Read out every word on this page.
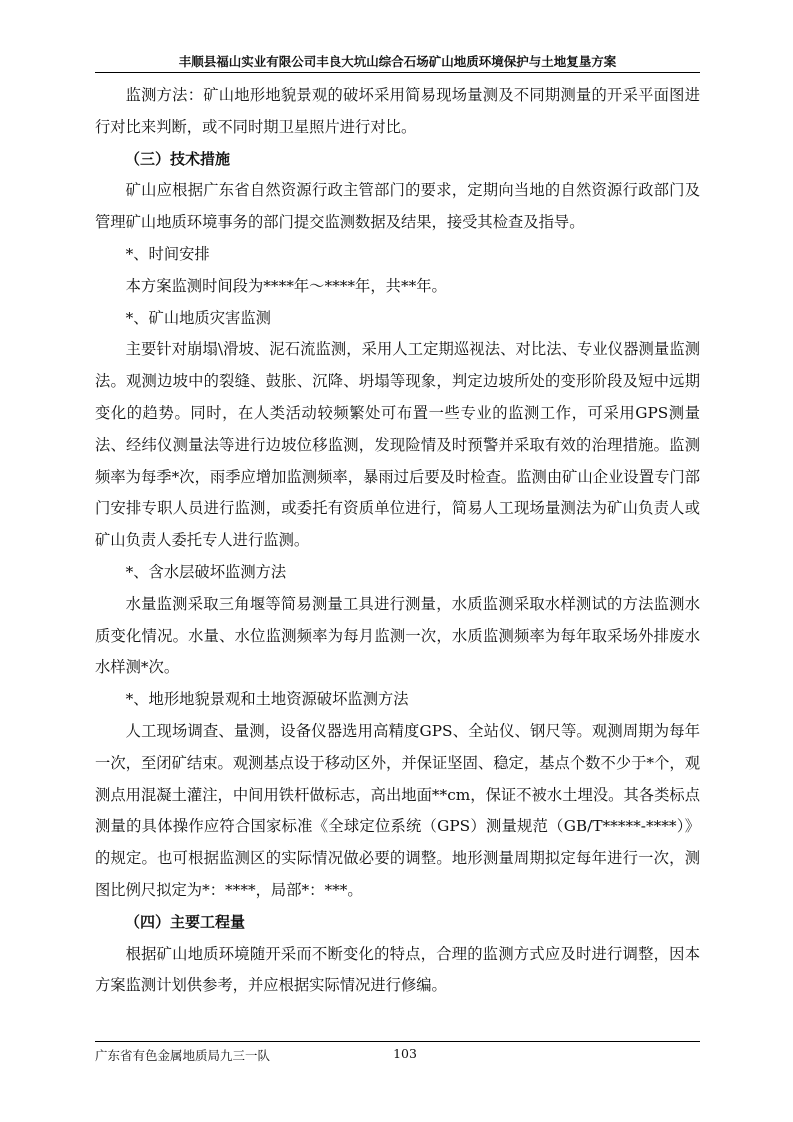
丰顺县福山实业有限公司丰良大坑山综合石场矿山地质环境保护与土地复垦方案

监测方法：矿山地形地貌景观的破坏采用简易现场量测及不同期测量的开采平面图进行对比来判断，或不同时期卫星照片进行对比。

（三）技术措施

矿山应根据广东省自然资源行政主管部门的要求，定期向当地的自然资源行政部门及管理矿山地质环境事务的部门提交监测数据及结果，接受其检查及指导。

*、时间安排

本方案监测时间段为****年～****年，共**年。

*、矿山地质灾害监测

主要针对崩塌\滑坡、泥石流监测，采用人工定期巡视法、对比法、专业仪器测量监测法。观测边坡中的裂缝、鼓胀、沉降、坍塌等现象，判定边坡所处的变形阶段及短中远期变化的趋势。同时，在人类活动较频繁处可布置一些专业的监测工作，可采用GPS测量法、经纬仪测量法等进行边坡位移监测，发现险情及时预警并采取有效的治理措施。监测频率为每季*次，雨季应增加监测频率，暴雨过后要及时检查。监测由矿山企业设置专门部门安排专职人员进行监测，或委托有资质单位进行，简易人工现场量测法为矿山负责人或矿山负责人委托专人进行监测。

*、含水层破坏监测方法

水量监测采取三角堰等简易测量工具进行测量，水质监测采取水样测试的方法监测水质变化情况。水量、水位监测频率为每月监测一次，水质监测频率为每年取采场外排废水水样测*次。

*、地形地貌景观和土地资源破坏监测方法

人工现场调查、量测，设备仪器选用高精度GPS、全站仪、钢尺等。观测周期为每年一次，至闭矿结束。观测基点设于移动区外，并保证坚固、稳定，基点个数不少于*个，观测点用混凝土灌注，中间用铁杆做标志，高出地面**cm，保证不被水土埋没。其各类标点测量的具体操作应符合国家标准《全球定位系统（GPS）测量规范（GB/T*****-****）》的规定。也可根据监测区的实际情况做必要的调整。地形测量周期拟定每年进行一次，测图比例尺拟定为*：****，局部*：***。

（四）主要工程量

根据矿山地质环境随开采而不断变化的特点，合理的监测方式应及时进行调整，因本方案监测计划供参考，并应根据实际情况进行修编。

广东省有色金属地质局九三一队	103
